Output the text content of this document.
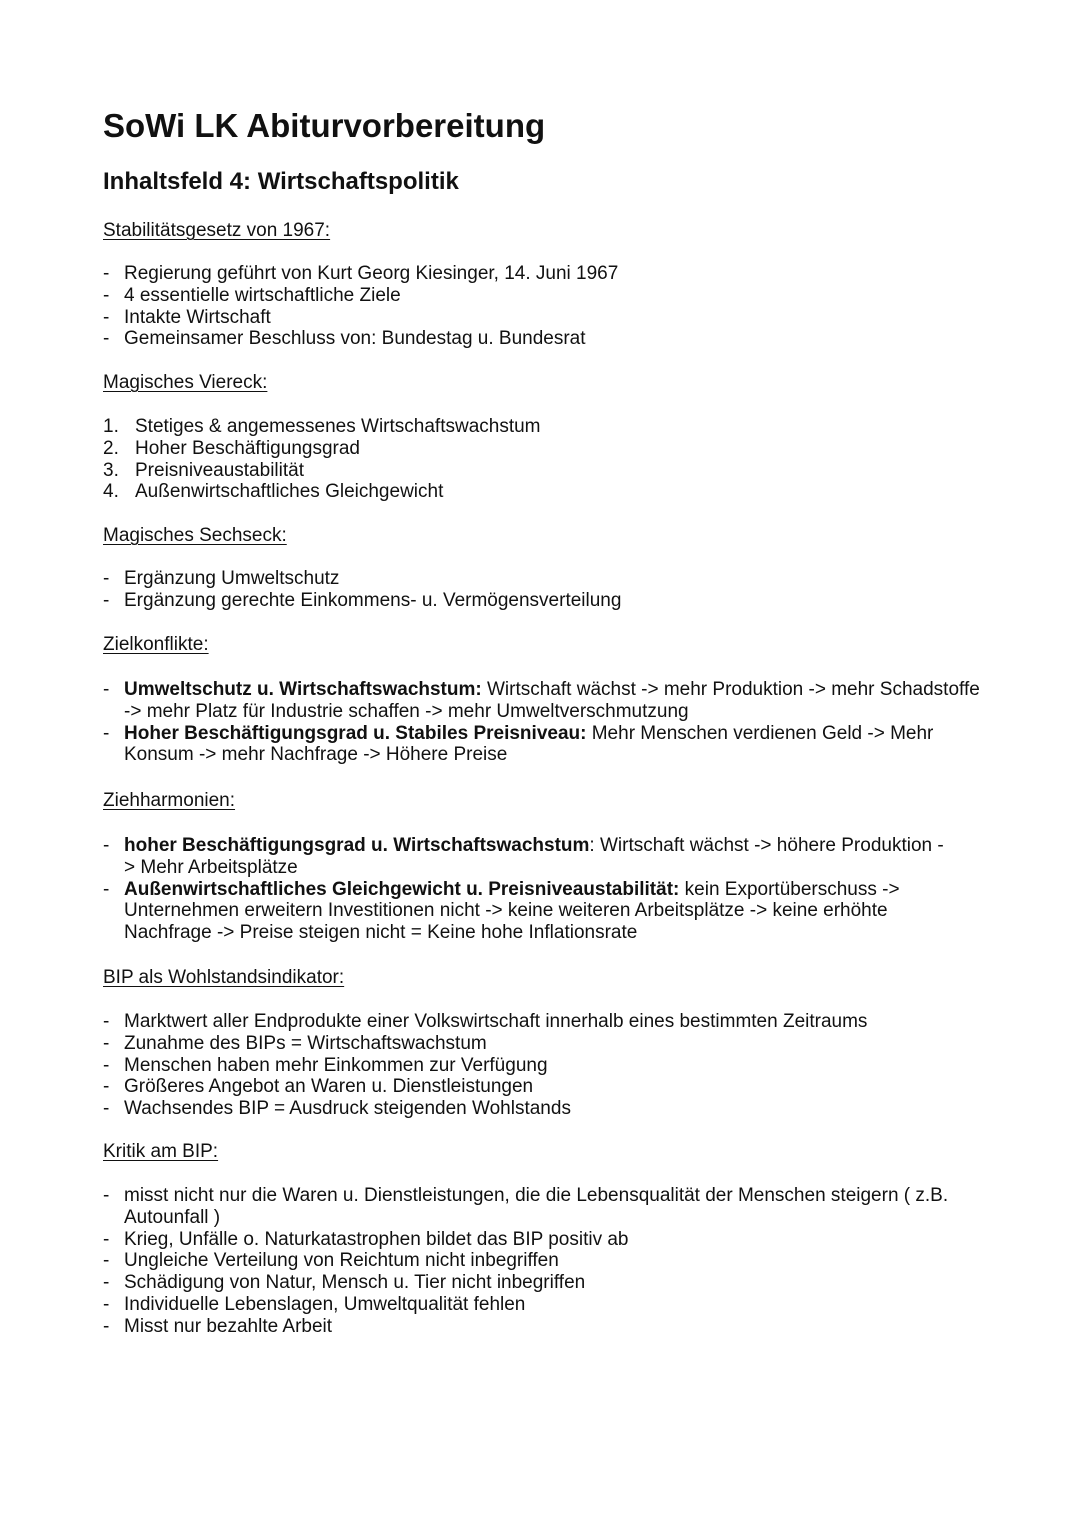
SoWi LK Abiturvorbereitung
Inhaltsfeld 4: Wirtschaftspolitik
Stabilitätsgesetz von 1967:
- Regierung geführt von Kurt Georg Kiesinger, 14. Juni 1967
- 4 essentielle wirtschaftliche Ziele
- Intakte Wirtschaft
- Gemeinsamer Beschluss von: Bundestag u. Bundesrat
Magisches Viereck:
1. Stetiges & angemessenes Wirtschaftswachstum
2. Hoher Beschäftigungsgrad
3. Preisniveaustabilität
4. Außenwirtschaftliches Gleichgewicht
Magisches Sechseck:
- Ergänzung Umweltschutz
- Ergänzung gerechte Einkommens- u. Vermögensverteilung
Zielkonflikte:
- Umweltschutz u. Wirtschaftswachstum: Wirtschaft wächst -> mehr Produktion -> mehr Schadstoffe -> mehr Platz für Industrie schaffen -> mehr Umweltverschmutzung
- Hoher Beschäftigungsgrad u. Stabiles Preisniveau: Mehr Menschen verdienen Geld -> Mehr Konsum -> mehr Nachfrage -> Höhere Preise
Ziehharmonien:
- hoher Beschäftigungsgrad u. Wirtschaftswachstum: Wirtschaft wächst -> höhere Produktion -> Mehr Arbeitsplätze
- Außenwirtschaftliches Gleichgewicht u. Preisniveaustabilität: kein Exportüberschuss -> Unternehmen erweitern Investitionen nicht -> keine weiteren Arbeitsplätze -> keine erhöhte Nachfrage -> Preise steigen nicht = Keine hohe Inflationsrate
BIP als Wohlstandsindikator:
- Marktwert aller Endprodukte einer Volkswirtschaft innerhalb eines bestimmten Zeitraums
- Zunahme des BIPs = Wirtschaftswachstum
- Menschen haben mehr Einkommen zur Verfügung
- Größeres Angebot an Waren u. Dienstleistungen
- Wachsendes BIP = Ausdruck steigenden Wohlstands
Kritik am BIP:
- misst nicht nur die Waren u. Dienstleistungen, die die Lebensqualität der Menschen steigern ( z.B. Autounfall )
- Krieg, Unfälle o. Naturkatastrophen bildet das BIP positiv ab
- Ungleiche Verteilung von Reichtum nicht inbegriffen
- Schädigung von Natur, Mensch u. Tier nicht inbegriffen
- Individuelle Lebenslagen, Umweltqualität fehlen
- Misst nur bezahlte Arbeit
